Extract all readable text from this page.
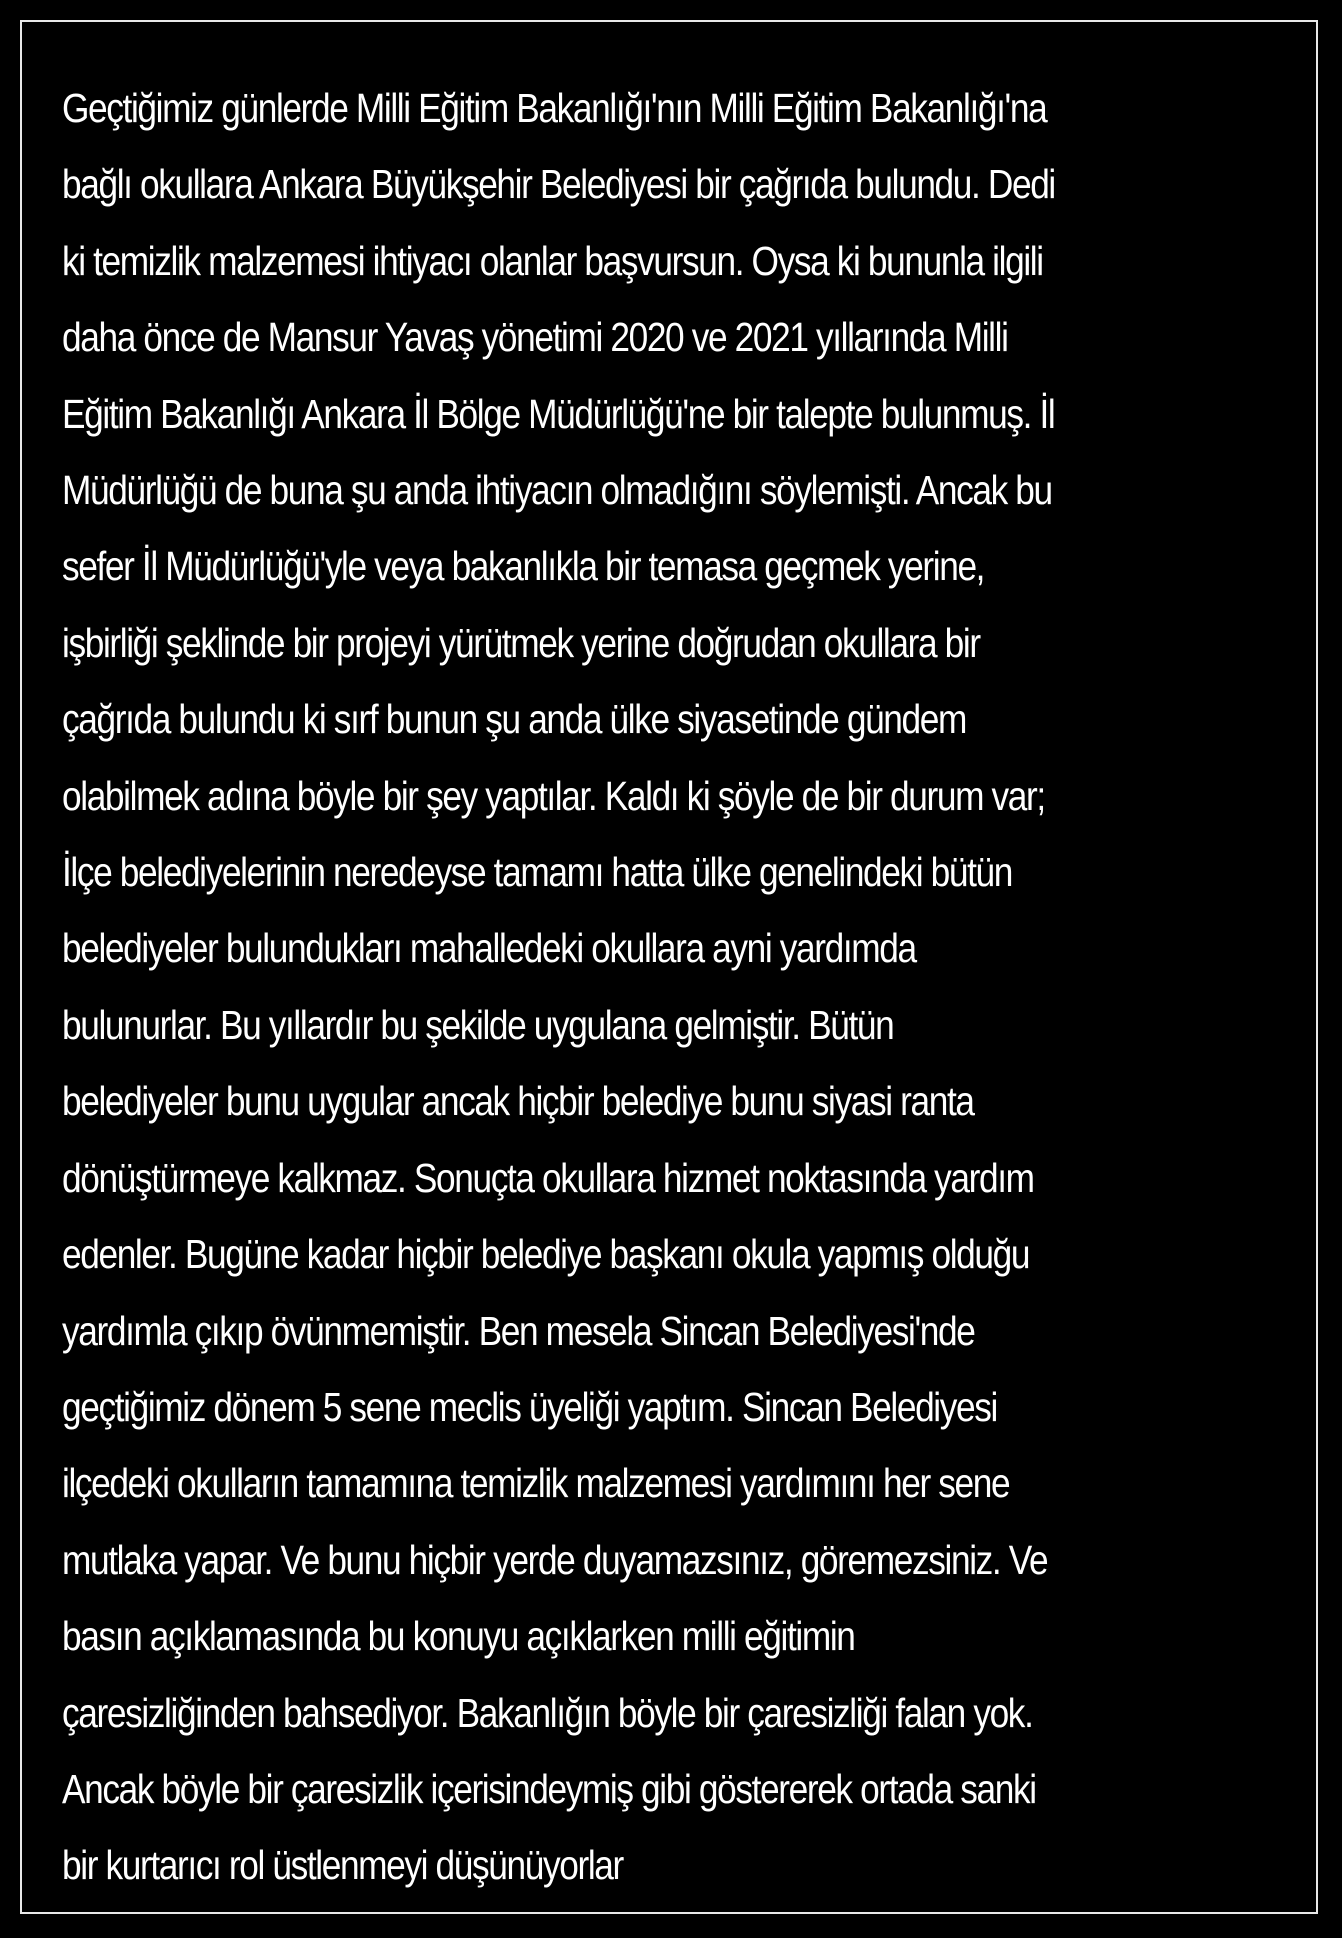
Geçtiğimiz günlerde Milli Eğitim Bakanlığı'nın Milli Eğitim Bakanlığı'na
bağlı okullara Ankara Büyükşehir Belediyesi bir çağrıda bulundu. Dedi
ki temizlik malzemesi ihtiyacı olanlar başvursun. Oysa ki bununla ilgili
daha önce de Mansur Yavaş yönetimi 2020 ve 2021 yıllarında Milli
Eğitim Bakanlığı Ankara İl Bölge Müdürlüğü'ne bir talepte bulunmuş. İl
Müdürlüğü de buna şu anda ihtiyacın olmadığını söylemişti. Ancak bu
sefer İl Müdürlüğü'yle veya bakanlıkla bir temasa geçmek yerine,
işbirliği şeklinde bir projeyi yürütmek yerine doğrudan okullara bir
çağrıda bulundu ki sırf bunun şu anda ülke siyasetinde gündem
olabilmek adına böyle bir şey yaptılar. Kaldı ki şöyle de bir durum var;
İlçe belediyelerinin neredeyse tamamı hatta ülke genelindeki bütün
belediyeler bulundukları mahalledeki okullara ayni yardımda
bulunurlar. Bu yıllardır bu şekilde uygulana gelmiştir. Bütün
belediyeler bunu uygular ancak hiçbir belediye bunu siyasi ranta
dönüştürmeye kalkmaz. Sonuçta okullara hizmet noktasında yardım
edenler. Bugüne kadar hiçbir belediye başkanı okula yapmış olduğu
yardımla çıkıp övünmemiştir. Ben mesela Sincan Belediyesi'nde
geçtiğimiz dönem 5 sene meclis üyeliği yaptım. Sincan Belediyesi
ilçedeki okulların tamamına temizlik malzemesi yardımını her sene
mutlaka yapar. Ve bunu hiçbir yerde duyamazsınız, göremezsiniz. Ve
basın açıklamasında bu konuyu açıklarken milli eğitimin
çaresizliğinden bahsediyor. Bakanlığın böyle bir çaresizliği falan yok.
Ancak böyle bir çaresizlik içerisindeymiş gibi göstererek ortada sanki
bir kurtarıcı rol üstlenmeyi düşünüyorlar
